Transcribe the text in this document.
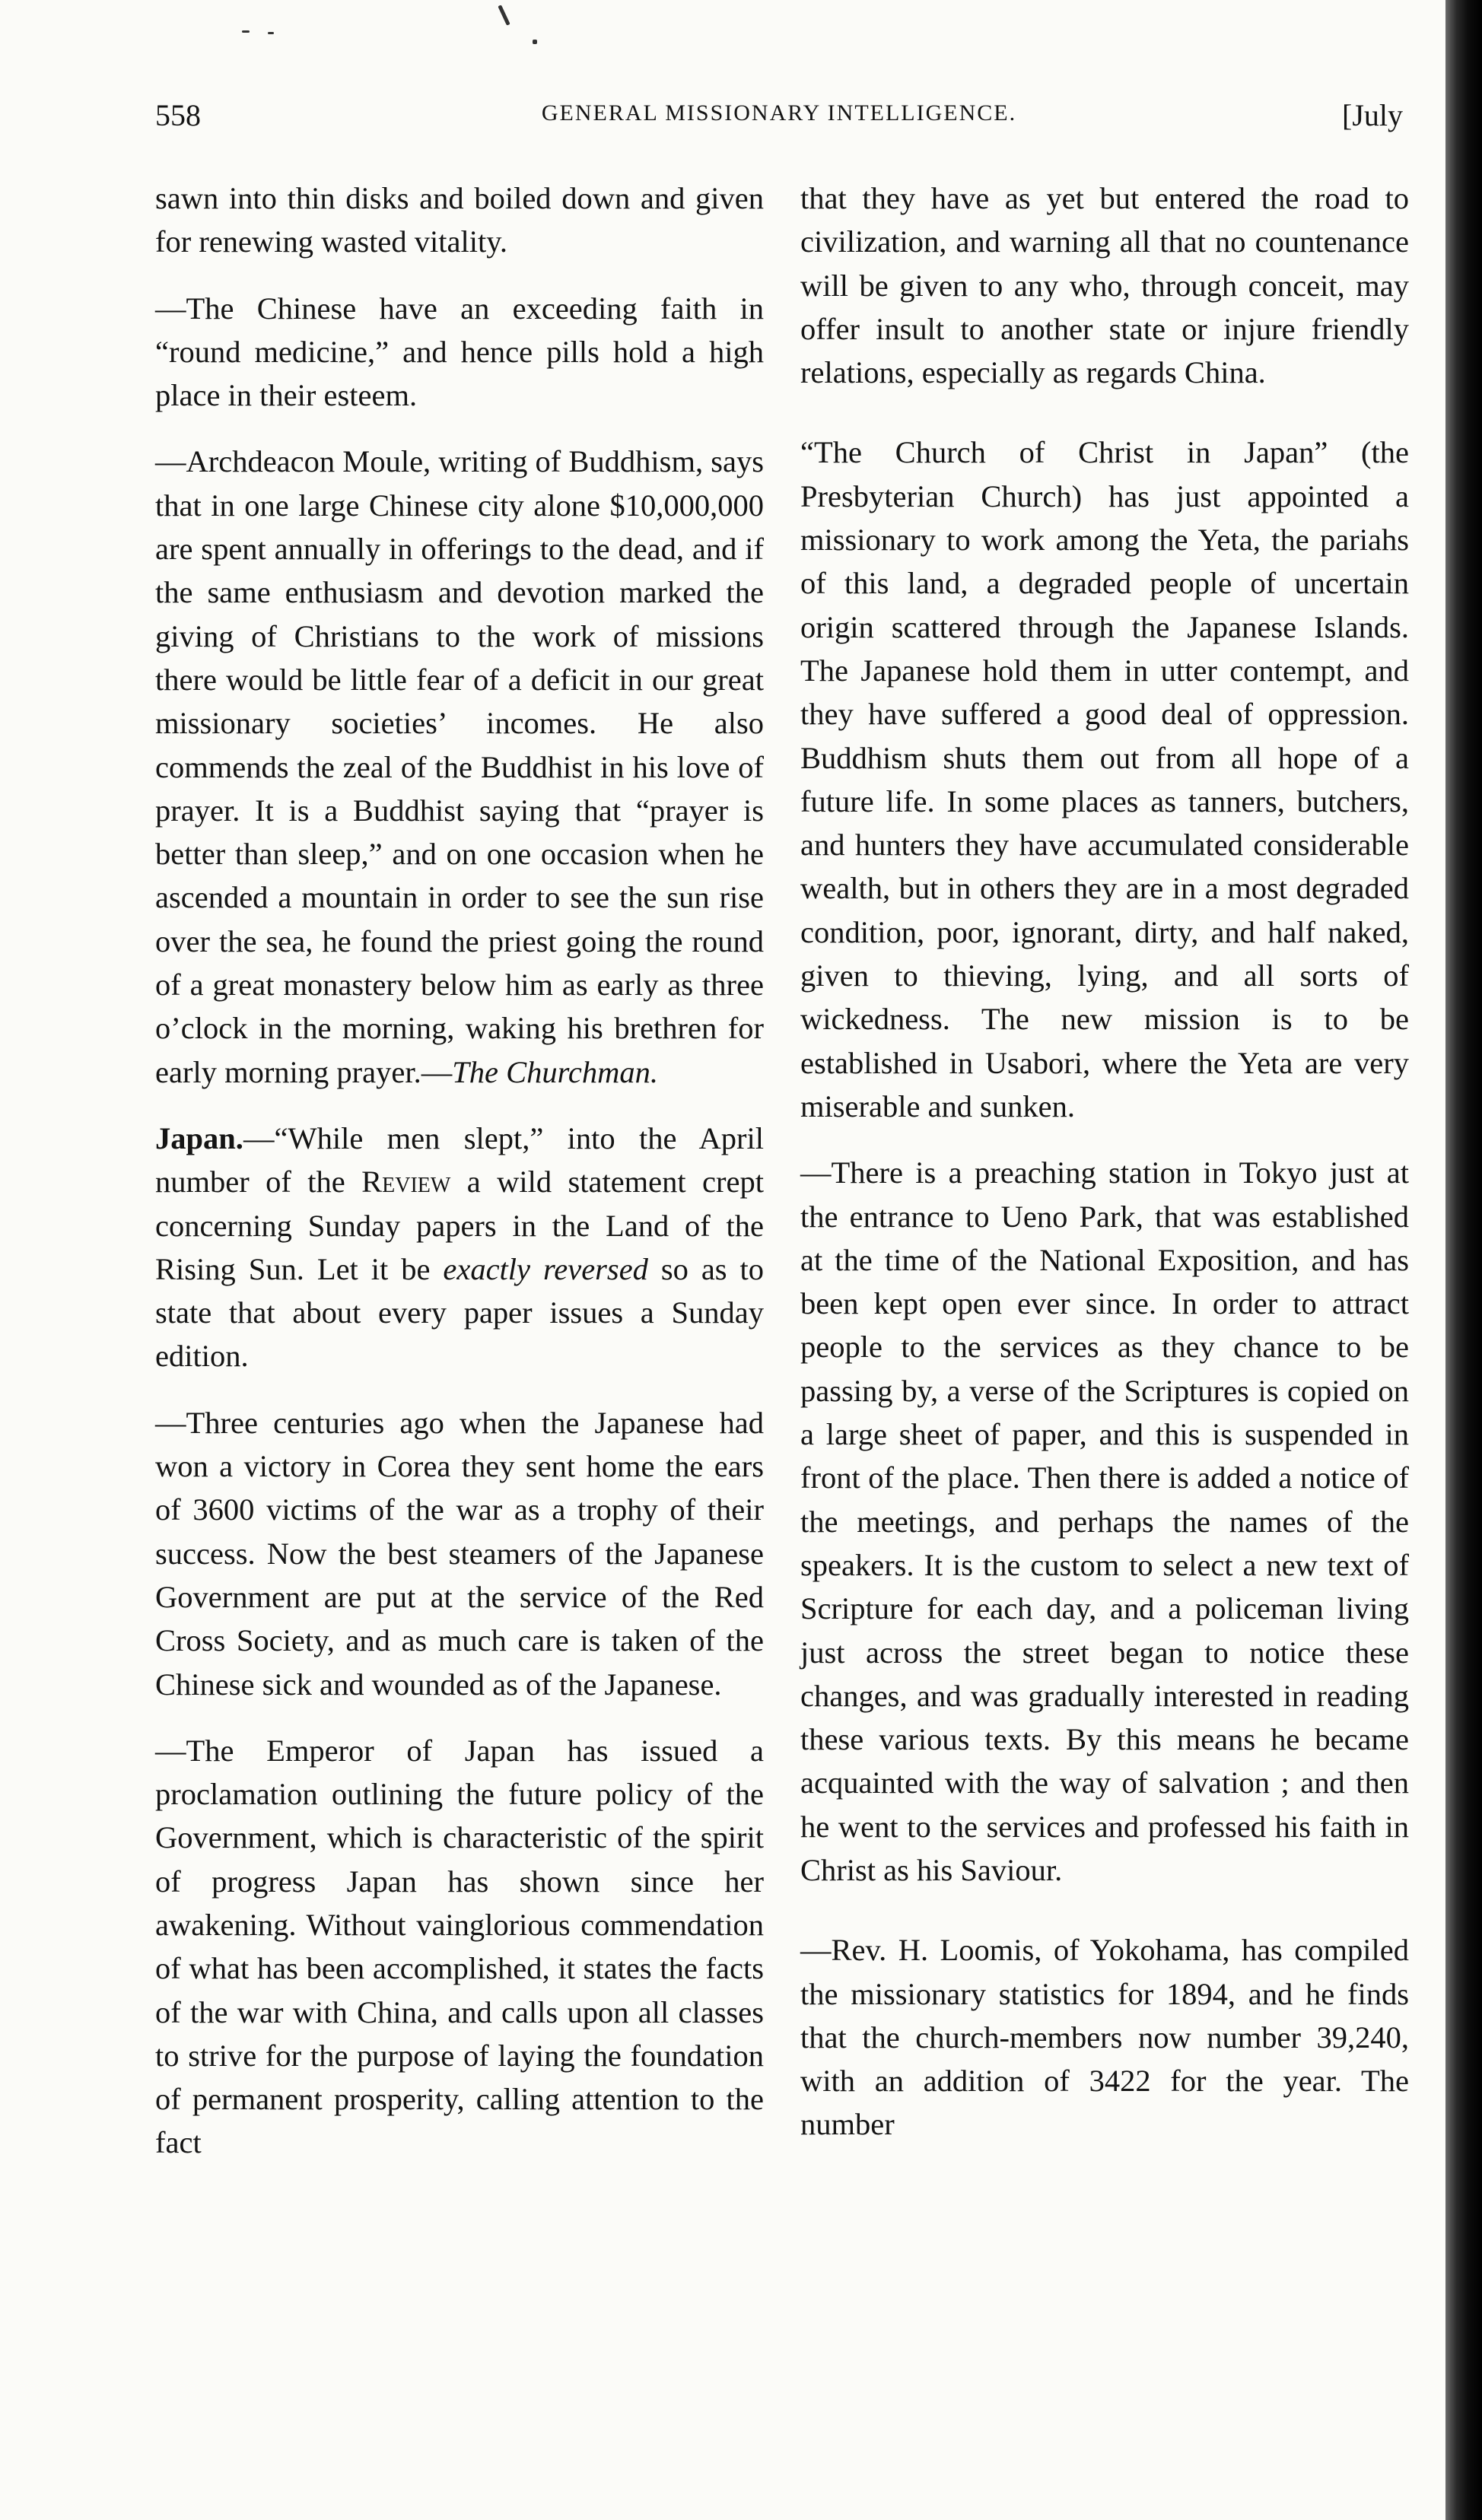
558	GENERAL MISSIONARY INTELLIGENCE.	[July

sawn into thin disks and boiled down and given for renewing wasted vitality.

—The Chinese have an exceeding faith in “round medicine,” and hence pills hold a high place in their esteem.

—Archdeacon Moule, writing of Buddhism, says that in one large Chinese city alone $10,000,000 are spent annually in offerings to the dead, and if the same enthusiasm and devotion marked the giving of Christians to the work of missions there would be little fear of a deficit in our great missionary societies’ incomes. He also commends the zeal of the Buddhist in his love of prayer. It is a Buddhist saying that “prayer is better than sleep,” and on one occasion when he ascended a mountain in order to see the sun rise over the sea, he found the priest going the round of a great monastery below him as early as three o’clock in the morning, waking his brethren for early morning prayer.—The Churchman.

Japan.—“While men slept,” into the April number of the Review a wild statement crept concerning Sunday papers in the Land of the Rising Sun. Let it be exactly reversed so as to state that about every paper issues a Sunday edition.

—Three centuries ago when the Japanese had won a victory in Corea they sent home the ears of 3600 victims of the war as a trophy of their success. Now the best steamers of the Japanese Government are put at the service of the Red Cross Society, and as much care is taken of the Chinese sick and wounded as of the Japanese.

—The Emperor of Japan has issued a proclamation outlining the future policy of the Government, which is characteristic of the spirit of progress Japan has shown since her awakening. Without vainglorious commendation of what has been accomplished, it states the facts of the war with China, and calls upon all classes to strive for the purpose of laying the foundation of permanent prosperity, calling attention to the fact

that they have as yet but entered the road to civilization, and warning all that no countenance will be given to any who, through conceit, may offer insult to another state or injure friendly relations, especially as regards China.

“The Church of Christ in Japan” (the Presbyterian Church) has just appointed a missionary to work among the Yeta, the pariahs of this land, a degraded people of uncertain origin scattered through the Japanese Islands. The Japanese hold them in utter contempt, and they have suffered a good deal of oppression. Buddhism shuts them out from all hope of a future life. In some places as tanners, butchers, and hunters they have accumulated considerable wealth, but in others they are in a most degraded condition, poor, ignorant, dirty, and half naked, given to thieving, lying, and all sorts of wickedness. The new mission is to be established in Usabori, where the Yeta are very miserable and sunken.

—There is a preaching station in Tokyo just at the entrance to Ueno Park, that was established at the time of the National Exposition, and has been kept open ever since. In order to attract people to the services as they chance to be passing by, a verse of the Scriptures is copied on a large sheet of paper, and this is suspended in front of the place. Then there is added a notice of the meetings, and perhaps the names of the speakers. It is the custom to select a new text of Scripture for each day, and a policeman living just across the street began to notice these changes, and was gradually interested in reading these various texts. By this means he became acquainted with the way of salvation ; and then he went to the services and professed his faith in Christ as his Saviour.

—Rev. H. Loomis, of Yokohama, has compiled the missionary statistics for 1894, and he finds that the church-members now number 39,240, with an addition of 3422 for the year. The number
